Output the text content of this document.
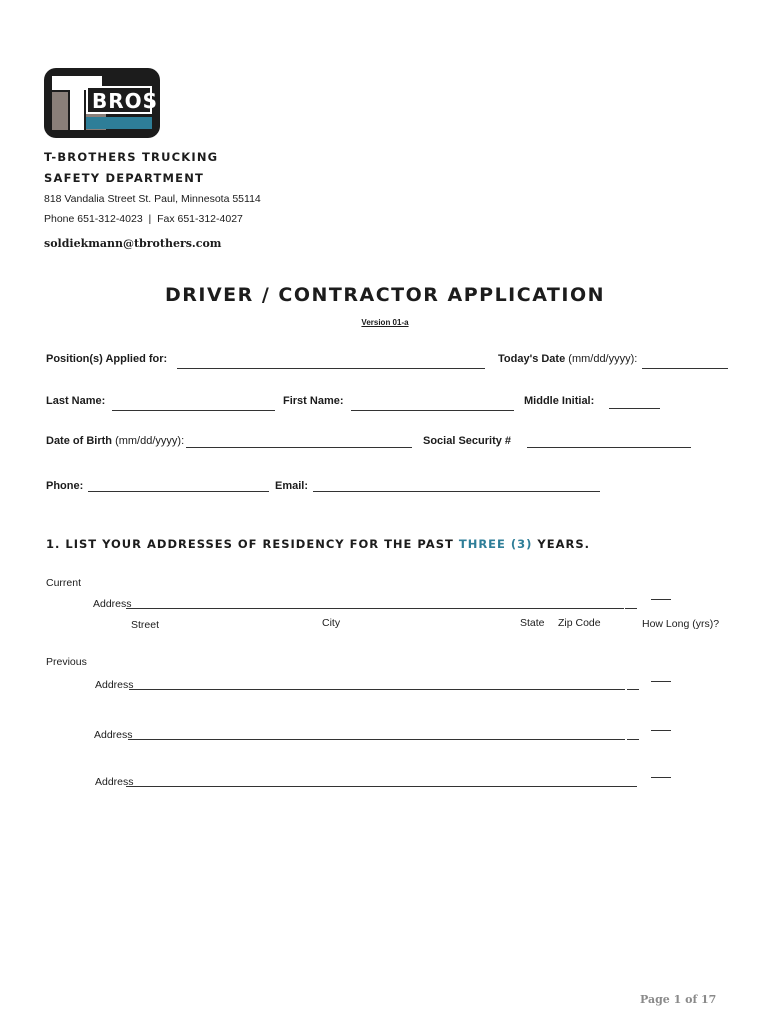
BROS
T-BROTHERS TRUCKING
SAFETY DEPARTMENT
818 Vandalia Street St. Paul, Minnesota 55114
Phone 651-312-4023  |  Fax 651-312-4027
soldiekmann@tbrothers.com
DRIVER / CONTRACTOR APPLICATION
Version 01-a
Position(s) Applied for:	Today's Date (mm/dd/yyyy):
Last Name:	First Name:	Middle Initial:
Date of Birth (mm/dd/yyyy):	Social Security #
Phone:	Email:
1. LIST YOUR ADDRESSES OF RESIDENCY FOR THE PAST THREE (3) YEARS.
Current
Address
Street	City	State Zip Code	How Long (yrs)?
Previous
Address
Address
Address
Page 1 of 17
